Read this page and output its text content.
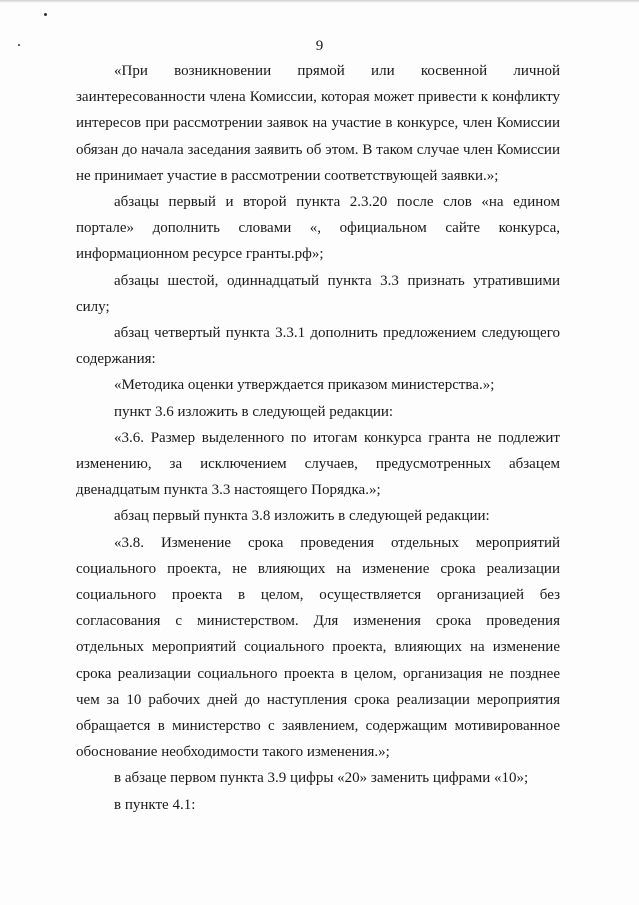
9

«При возникновении прямой или косвенной личной заинтересованности члена Комиссии, которая может привести к конфликту интересов при рассмотрении заявок на участие в конкурсе, член Комиссии обязан до начала заседания заявить об этом. В таком случае член Комиссии не принимает участие в рассмотрении соответствующей заявки.»;

абзацы первый и второй пункта 2.3.20 после слов «на едином портале» дополнить словами «, официальном сайте конкурса, информационном ресурсе гранты.рф»;

абзацы шестой, одиннадцатый пункта 3.3 признать утратившими силу;

абзац четвертый пункта 3.3.1 дополнить предложением следующего содержания:

«Методика оценки утверждается приказом министерства.»;

пункт 3.6 изложить в следующей редакции:

«3.6. Размер выделенного по итогам конкурса гранта не подлежит изменению, за исключением случаев, предусмотренных абзацем двенадцатым пункта 3.3 настоящего Порядка.»;

абзац первый пункта 3.8 изложить в следующей редакции:

«3.8. Изменение срока проведения отдельных мероприятий социального проекта, не влияющих на изменение срока реализации социального проекта в целом, осуществляется организацией без согласования с министерством. Для изменения срока проведения отдельных мероприятий социального проекта, влияющих на изменение срока реализации социального проекта в целом, организация не позднее чем за 10 рабочих дней до наступления срока реализации мероприятия обращается в министерство с заявлением, содержащим мотивированное обоснование необходимости такого изменения.»;

в абзаце первом пункта 3.9 цифры «20» заменить цифрами «10»;

в пункте 4.1:
